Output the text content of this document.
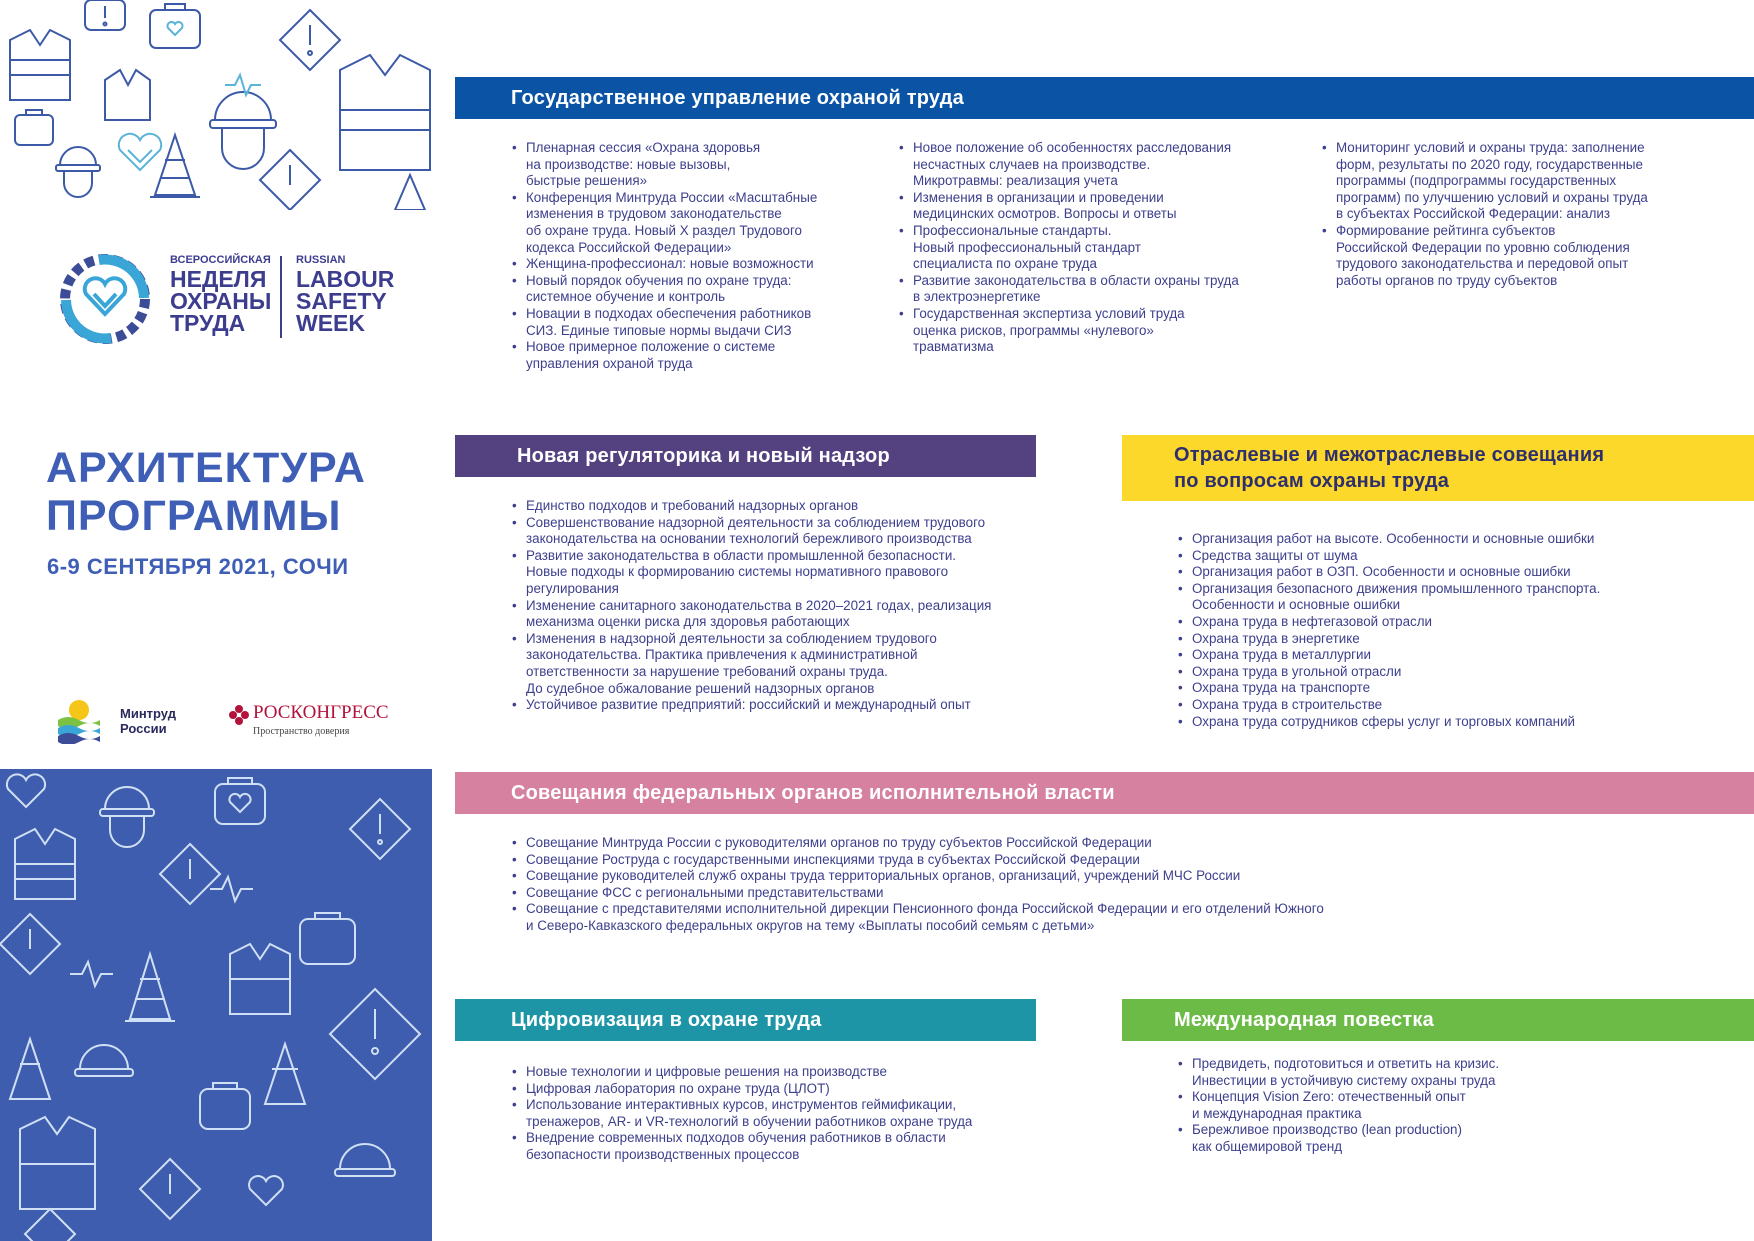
ВСЕРОССИЙСКАЯ
НЕДЕЛЯ
ОХРАНЫ
ТРУДА
RUSSIAN
LABOUR
SAFETY
WEEK
АРХИТЕКТУРА
ПРОГРАММЫ
6-9 СЕНТЯБРЯ 2021, СОЧИ
Минтруд
России
РОСКОНГРЕСС
Пространство доверия
Государственное управление охраной труда
• Пленарная сессия «Охрана здоровья
на производстве: новые вызовы,
быстрые решения»
• Конференция Минтруда России «Масштабные
изменения в трудовом законодательстве
об охране труда. Новый Х раздел Трудового
кодекса Российской Федерации»
• Женщина-профессионал: новые возможности
• Новый порядок обучения по охране труда:
системное обучение и контроль
• Новации в подходах обеспечения работников
СИЗ. Единые типовые нормы выдачи СИЗ
• Новое примерное положение о системе
управления охраной труда
• Новое положение об особенностях расследования
несчастных случаев на производстве.
Микротравмы: реализация учета
• Изменения в организации и проведении
медицинских осмотров. Вопросы и ответы
• Профессиональные стандарты.
Новый профессиональный стандарт
специалиста по охране труда
• Развитие законодательства в области охраны труда
в электроэнергетике
• Государственная экспертиза условий труда
оценка рисков, программы «нулевого»
травматизма
• Мониторинг условий и охраны труда: заполнение
форм, результаты по 2020 году, государственные
программы (подпрограммы государственных
программ) по улучшению условий и охраны труда
в субъектах Российской Федерации: анализ
• Формирование рейтинга субъектов
Российской Федерации по уровню соблюдения
трудового законодательства и передовой опыт
работы органов по труду субъектов
Новая регуляторика и новый надзор
• Единство подходов и требований надзорных органов
• Совершенствование надзорной деятельности за соблюдением трудового
законодательства на основании технологий бережливого производства
• Развитие законодательства в области промышленной безопасности.
Новые подходы к формированию системы нормативного правового
регулирования
• Изменение санитарного законодательства в 2020–2021 годах, реализация
механизма оценки риска для здоровья работающих
• Изменения в надзорной деятельности за соблюдением трудового
законодательства. Практика привлечения к административной
ответственности за нарушение требований охраны труда.
До судебное обжалование решений надзорных органов
• Устойчивое развитие предприятий: российский и международный опыт
Отраслевые и межотраслевые совещания
по вопросам охраны труда
• Организация работ на высоте. Особенности и основные ошибки
• Средства защиты от шума
• Организация работ в ОЗП. Особенности и основные ошибки
• Организация безопасного движения промышленного транспорта.
Особенности и основные ошибки
• Охрана труда в нефтегазовой отрасли
• Охрана труда в энергетике
• Охрана труда в металлургии
• Охрана труда в угольной отрасли
• Охрана труда на транспорте
• Охрана труда в строительстве
• Охрана труда сотрудников сферы услуг и торговых компаний
Совещания федеральных органов исполнительной власти
• Совещание Минтруда России с руководителями органов по труду субъектов Российской Федерации
• Совещание Роструда с государственными инспекциями труда в субъектах Российской Федерации
• Совещание руководителей служб охраны труда территориальных органов, организаций, учреждений МЧС России
• Совещание ФСС с региональными представительствами
• Совещание с представителями исполнительной дирекции Пенсионного фонда Российской Федерации и его отделений Южного
и Северо-Кавказского федеральных округов на тему «Выплаты пособий семьям с детьми»
Цифровизация в охране труда
• Новые технологии и цифровые решения на производстве
• Цифровая лаборатория по охране труда (ЦЛОТ)
• Использование интерактивных курсов, инструментов геймификации,
тренажеров, AR- и VR-технологий в обучении работников охране труда
• Внедрение современных подходов обучения работников в области
безопасности производственных процессов
Международная повестка
• Предвидеть, подготовиться и ответить на кризис.
Инвестиции в устойчивую систему охраны труда
• Концепция Vision Zero: отечественный опыт
и международная практика
• Бережливое производство (lean production)
как общемировой тренд
